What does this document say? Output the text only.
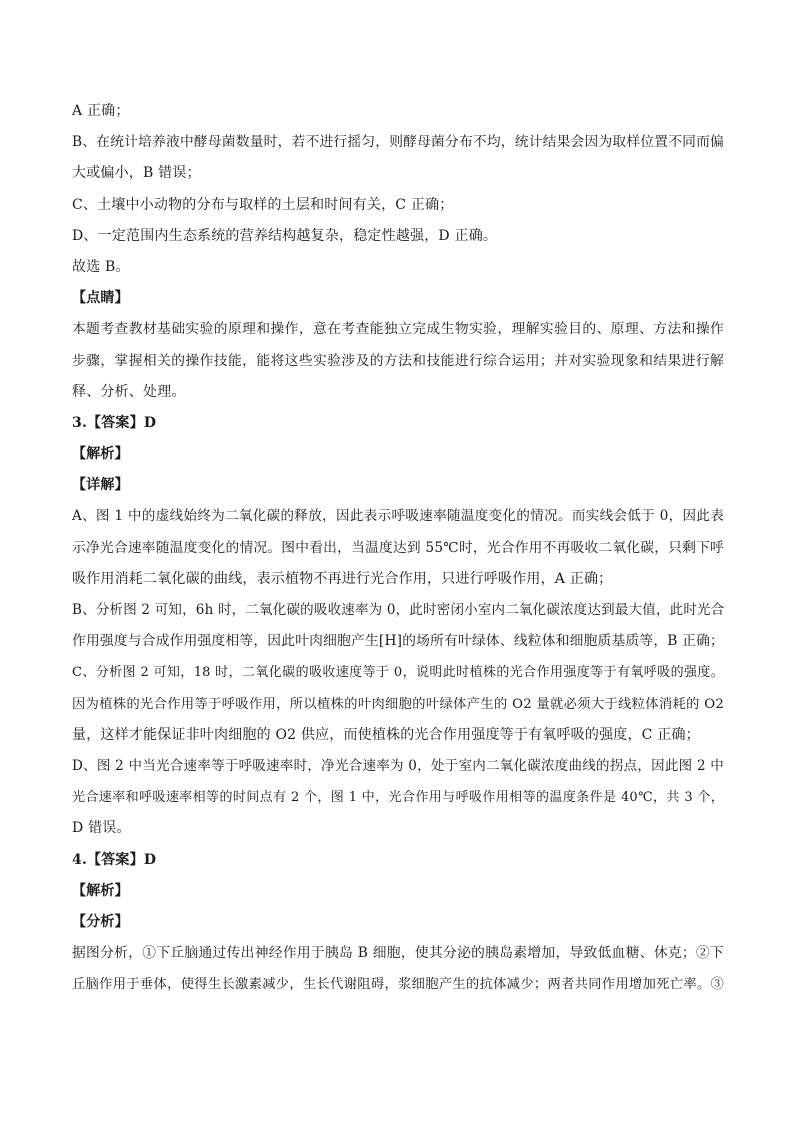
A 正确；
B、在统计培养液中酵母菌数量时，若不进行摇匀，则酵母菌分布不均，统计结果会因为取样位置不同而偏
大或偏小，B 错误；
C、土壤中小动物的分布与取样的土层和时间有关，C 正确；
D、一定范围内生态系统的营养结构越复杂，稳定性越强，D 正确。
故选 B。
【点睛】
本题考查教材基础实验的原理和操作，意在考查能独立完成生物实验，理解实验目的、原理、方法和操作
步骤，掌握相关的操作技能，能将这些实验涉及的方法和技能进行综合运用；并对实验现象和结果进行解
释、分析、处理。
3.【答案】D
【解析】
【详解】
A、图 1 中的虚线始终为二氧化碳的释放，因此表示呼吸速率随温度变化的情况。而实线会低于 0，因此表
示净光合速率随温度变化的情况。图中看出，当温度达到 55℃时，光合作用不再吸收二氧化碳，只剩下呼
吸作用消耗二氧化碳的曲线，表示植物不再进行光合作用，只进行呼吸作用，A 正确；
B、分析图 2 可知，6h 时，二氧化碳的吸收速率为 0，此时密闭小室内二氧化碳浓度达到最大值，此时光合
作用强度与合成作用强度相等，因此叶肉细胞产生[H]的场所有叶绿体、线粒体和细胞质基质等，B 正确；
C、分析图 2 可知，18 时，二氧化碳的吸收速度等于 0，说明此时植株的光合作用强度等于有氧呼吸的强度。
因为植株的光合作用等于呼吸作用，所以植株的叶肉细胞的叶绿体产生的 O2 量就必须大于线粒体消耗的 O2
量，这样才能保证非叶肉细胞的 O2 供应，而使植株的光合作用强度等于有氧呼吸的强度，C 正确；
D、图 2 中当光合速率等于呼吸速率时，净光合速率为 0，处于室内二氧化碳浓度曲线的拐点，因此图 2 中
光合速率和呼吸速率相等的时间点有 2 个，图 1 中，光合作用与呼吸作用相等的温度条件是 40℃，共 3 个，
D 错误。
4.【答案】D
【解析】
【分析】
据图分析，①下丘脑通过传出神经作用于胰岛 B 细胞，使其分泌的胰岛素增加，导致低血糖、休克；②下
丘脑作用于垂体，使得生长激素减少，生长代谢阻碍，浆细胞产生的抗体减少；两者共同作用增加死亡率。③
